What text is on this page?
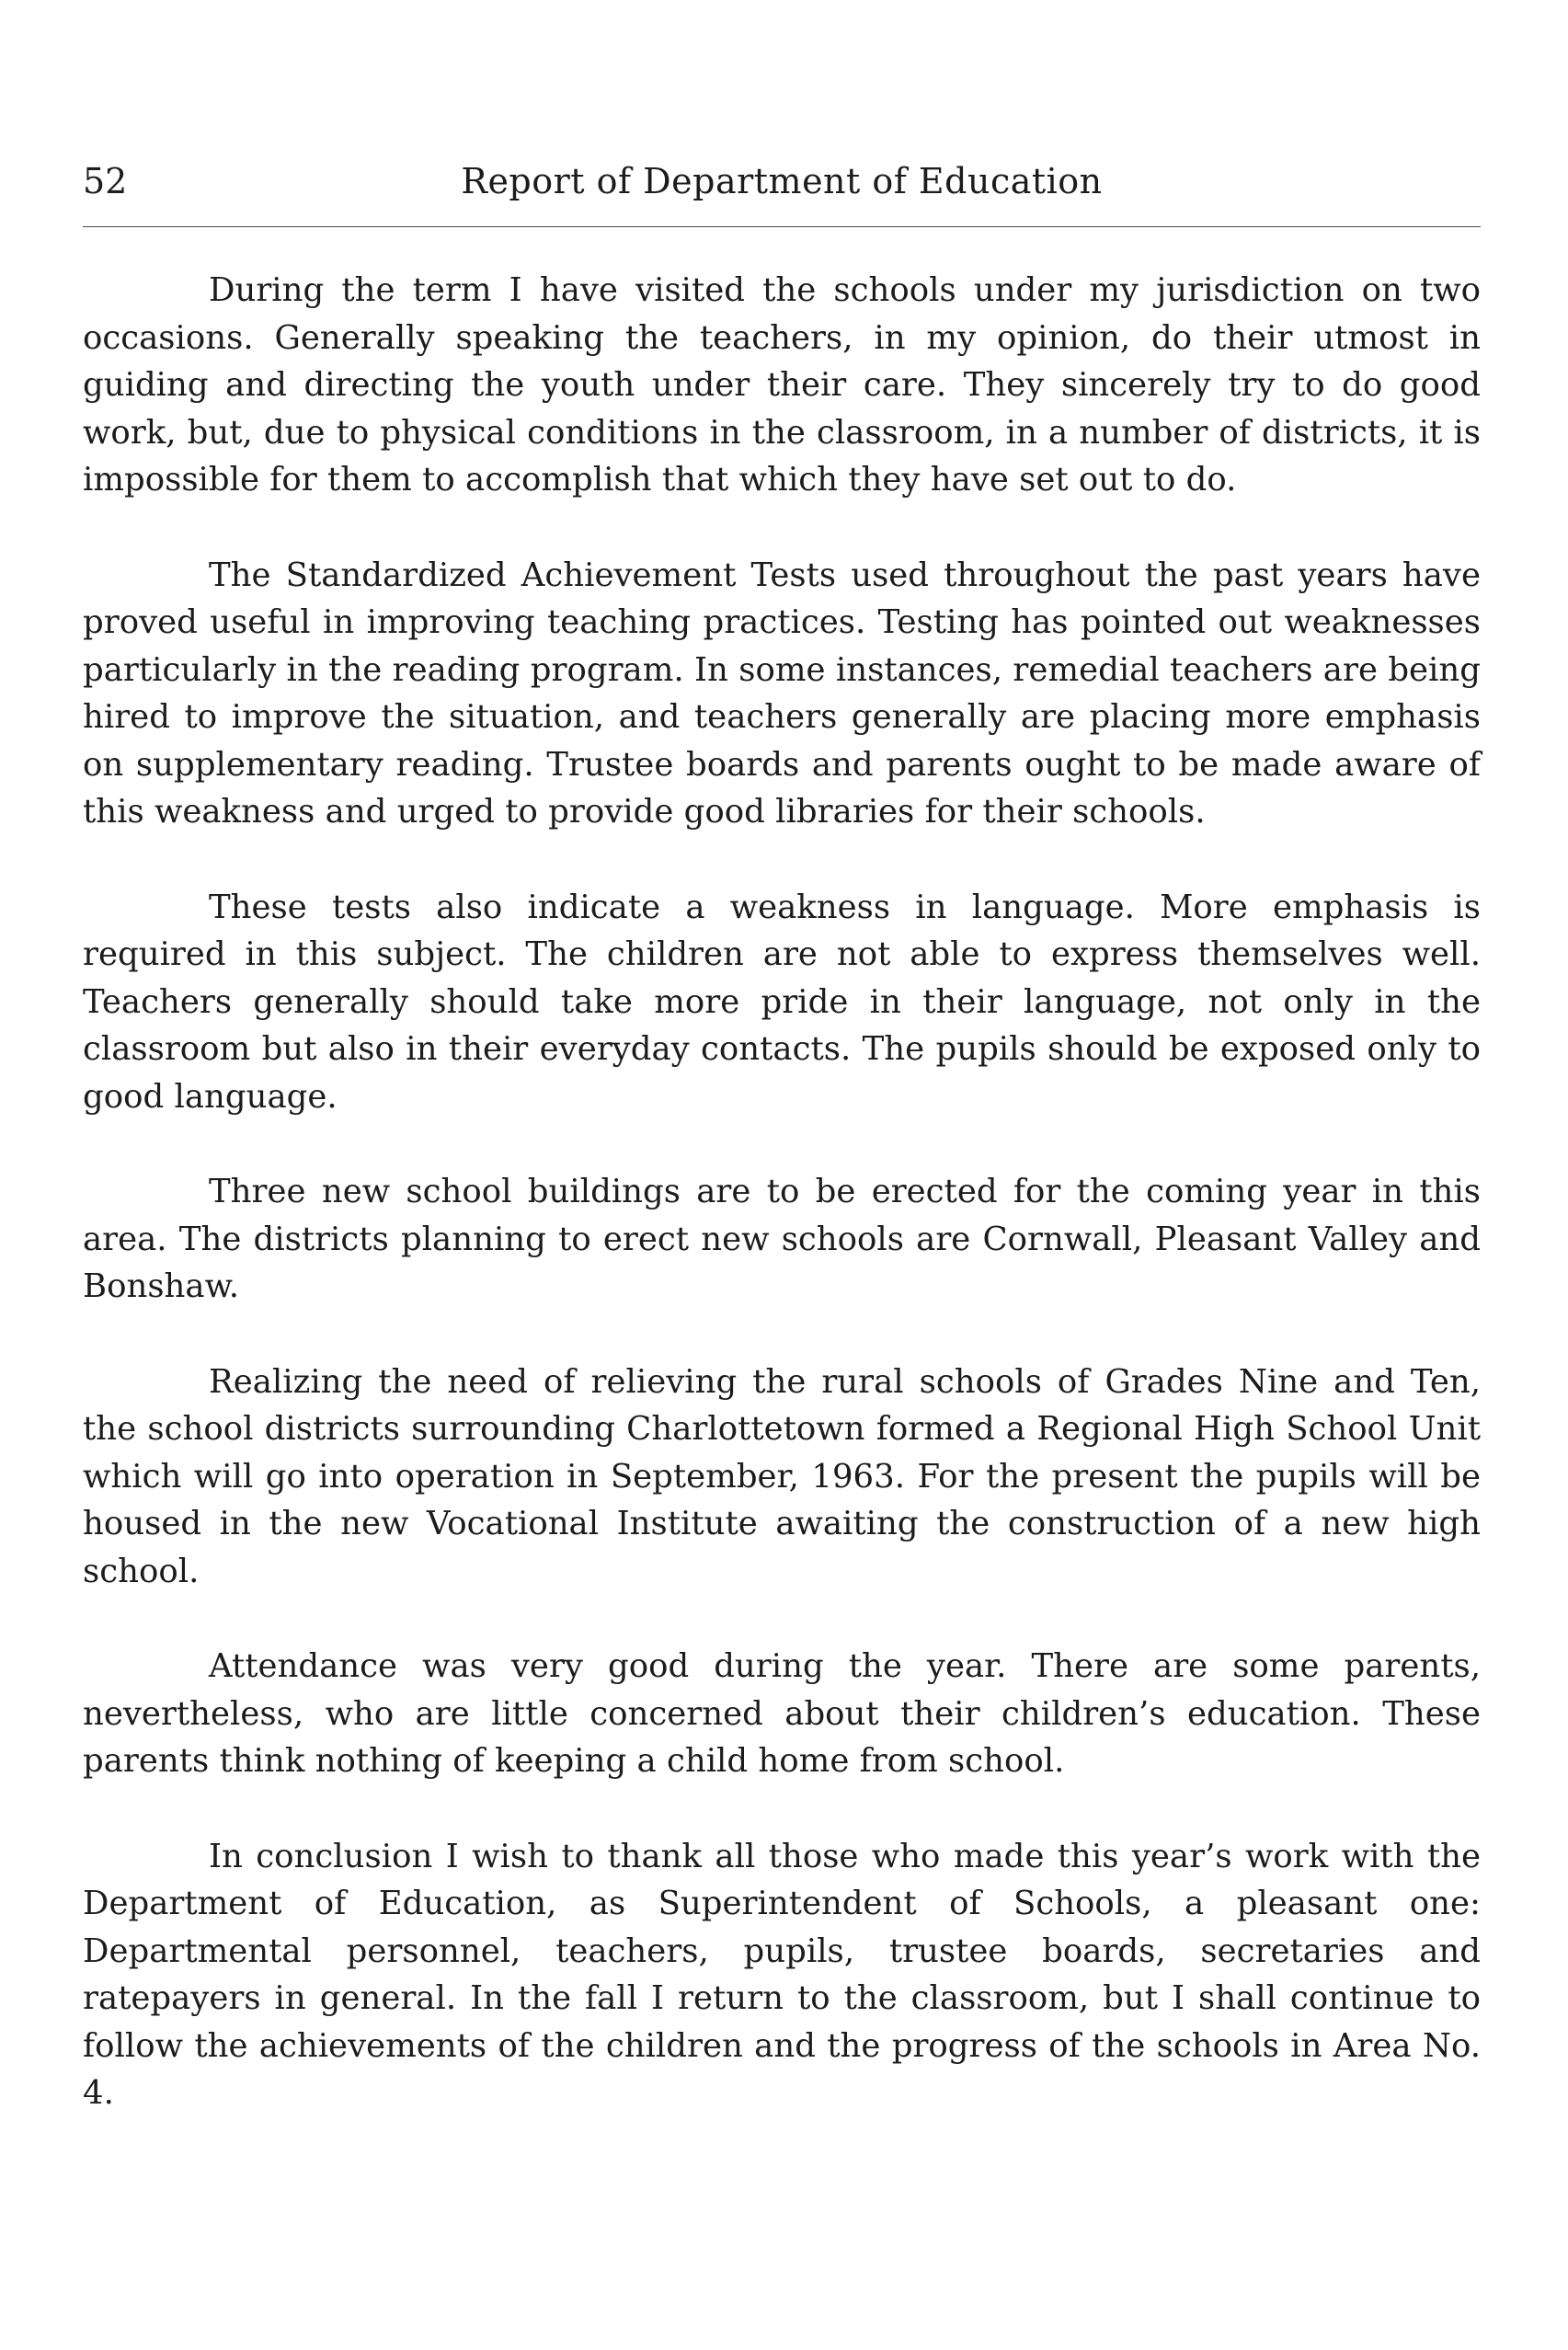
52	Report of Department of Education

During the term I have visited the schools under my jurisdiction on two occasions. Generally speaking the teachers, in my opinion, do their utmost in guiding and directing the youth under their care. They sincerely try to do good work, but, due to physical conditions in the classroom, in a number of districts, it is impossible for them to accomplish that which they have set out to do.

The Standardized Achievement Tests used throughout the past years have proved useful in improving teaching practices. Testing has pointed out weaknesses particularly in the reading program. In some instances, remedial teachers are being hired to improve the situation, and teachers generally are placing more emphasis on supplementary reading. Trustee boards and parents ought to be made aware of this weakness and urged to provide good libraries for their schools.

These tests also indicate a weakness in language. More emphasis is required in this subject. The children are not able to express themselves well. Teachers generally should take more pride in their language, not only in the classroom but also in their everyday contacts. The pupils should be exposed only to good language.

Three new school buildings are to be erected for the coming year in this area. The districts planning to erect new schools are Cornwall, Pleasant Valley and Bonshaw.

Realizing the need of relieving the rural schools of Grades Nine and Ten, the school districts surrounding Charlottetown formed a Regional High School Unit which will go into operation in September, 1963. For the present the pupils will be housed in the new Vocational Institute awaiting the construction of a new high school.

Attendance was very good during the year. There are some parents, nevertheless, who are little concerned about their children’s education. These parents think nothing of keeping a child home from school.

In conclusion I wish to thank all those who made this year’s work with the Department of Education, as Superintendent of Schools, a pleasant one: Departmental personnel, teachers, pupils, trustee boards, secretaries and ratepayers in general. In the fall I return to the classroom, but I shall continue to follow the achievements of the children and the progress of the schools in Area No. 4.
